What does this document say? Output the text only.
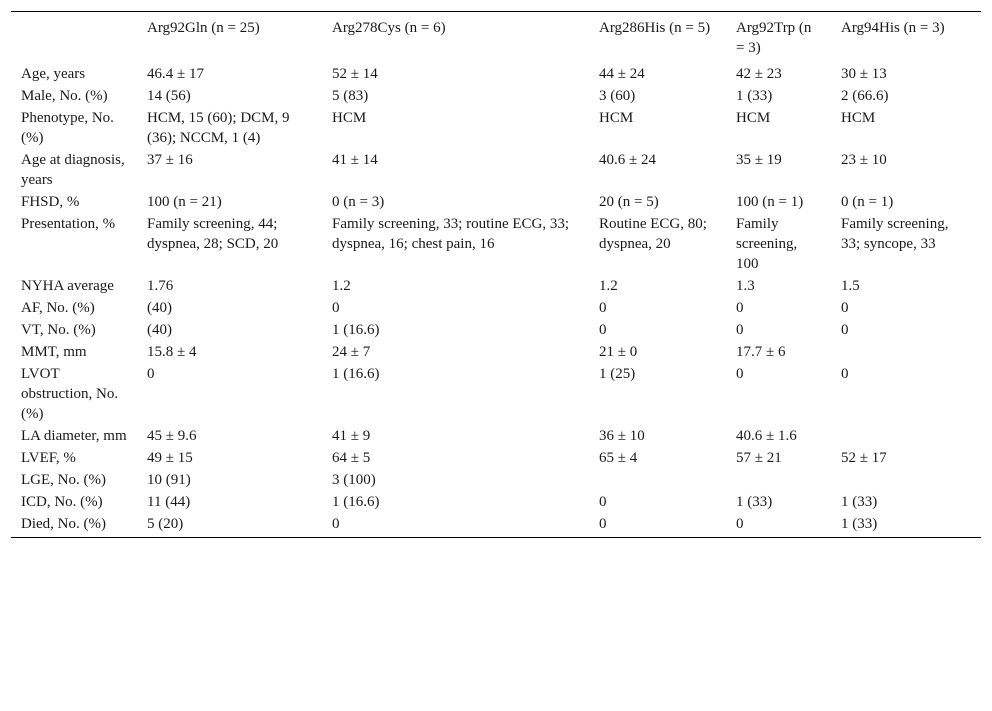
	Arg92Gln (n = 25)	Arg278Cys (n = 6)	Arg286His (n = 5)	Arg92Trp (n = 3)	Arg94His (n = 3)
Age, years	46.4 ± 17	52 ± 14	44 ± 24	42 ± 23	30 ± 13
Male, No. (%)	14 (56)	5 (83)	3 (60)	1 (33)	2 (66.6)
Phenotype, No. (%)	HCM, 15 (60); DCM, 9 (36); NCCM, 1 (4)	HCM	HCM	HCM	HCM
Age at diagnosis, years	37 ± 16	41 ± 14	40.6 ± 24	35 ± 19	23 ± 10
FHSD, %	100 (n = 21)	0 (n = 3)	20 (n = 5)	100 (n = 1)	0 (n = 1)
Presentation, %	Family screening, 44; dyspnea, 28; SCD, 20	Family screening, 33; routine ECG, 33; dyspnea, 16; chest pain, 16	Routine ECG, 80; dyspnea, 20	Family screening, 100	Family screening, 33; syncope, 33
NYHA average	1.76	1.2	1.2	1.3	1.5
AF, No. (%)	(40)	0	0	0	0
VT, No. (%)	(40)	1 (16.6)	0	0	0
MMT, mm	15.8 ± 4	24 ± 7	21 ± 0	17.7 ± 6	
LVOT obstruction, No. (%)	0	1 (16.6)	1 (25)	0	0
LA diameter, mm	45 ± 9.6	41 ± 9	36 ± 10	40.6 ± 1.6	
LVEF, %	49 ± 15	64 ± 5	65 ± 4	57 ± 21	52 ± 17
LGE, No. (%)	10 (91)	3 (100)			
ICD, No. (%)	11 (44)	1 (16.6)	0	1 (33)	1 (33)
Died, No. (%)	5 (20)	0	0	0	1 (33)
